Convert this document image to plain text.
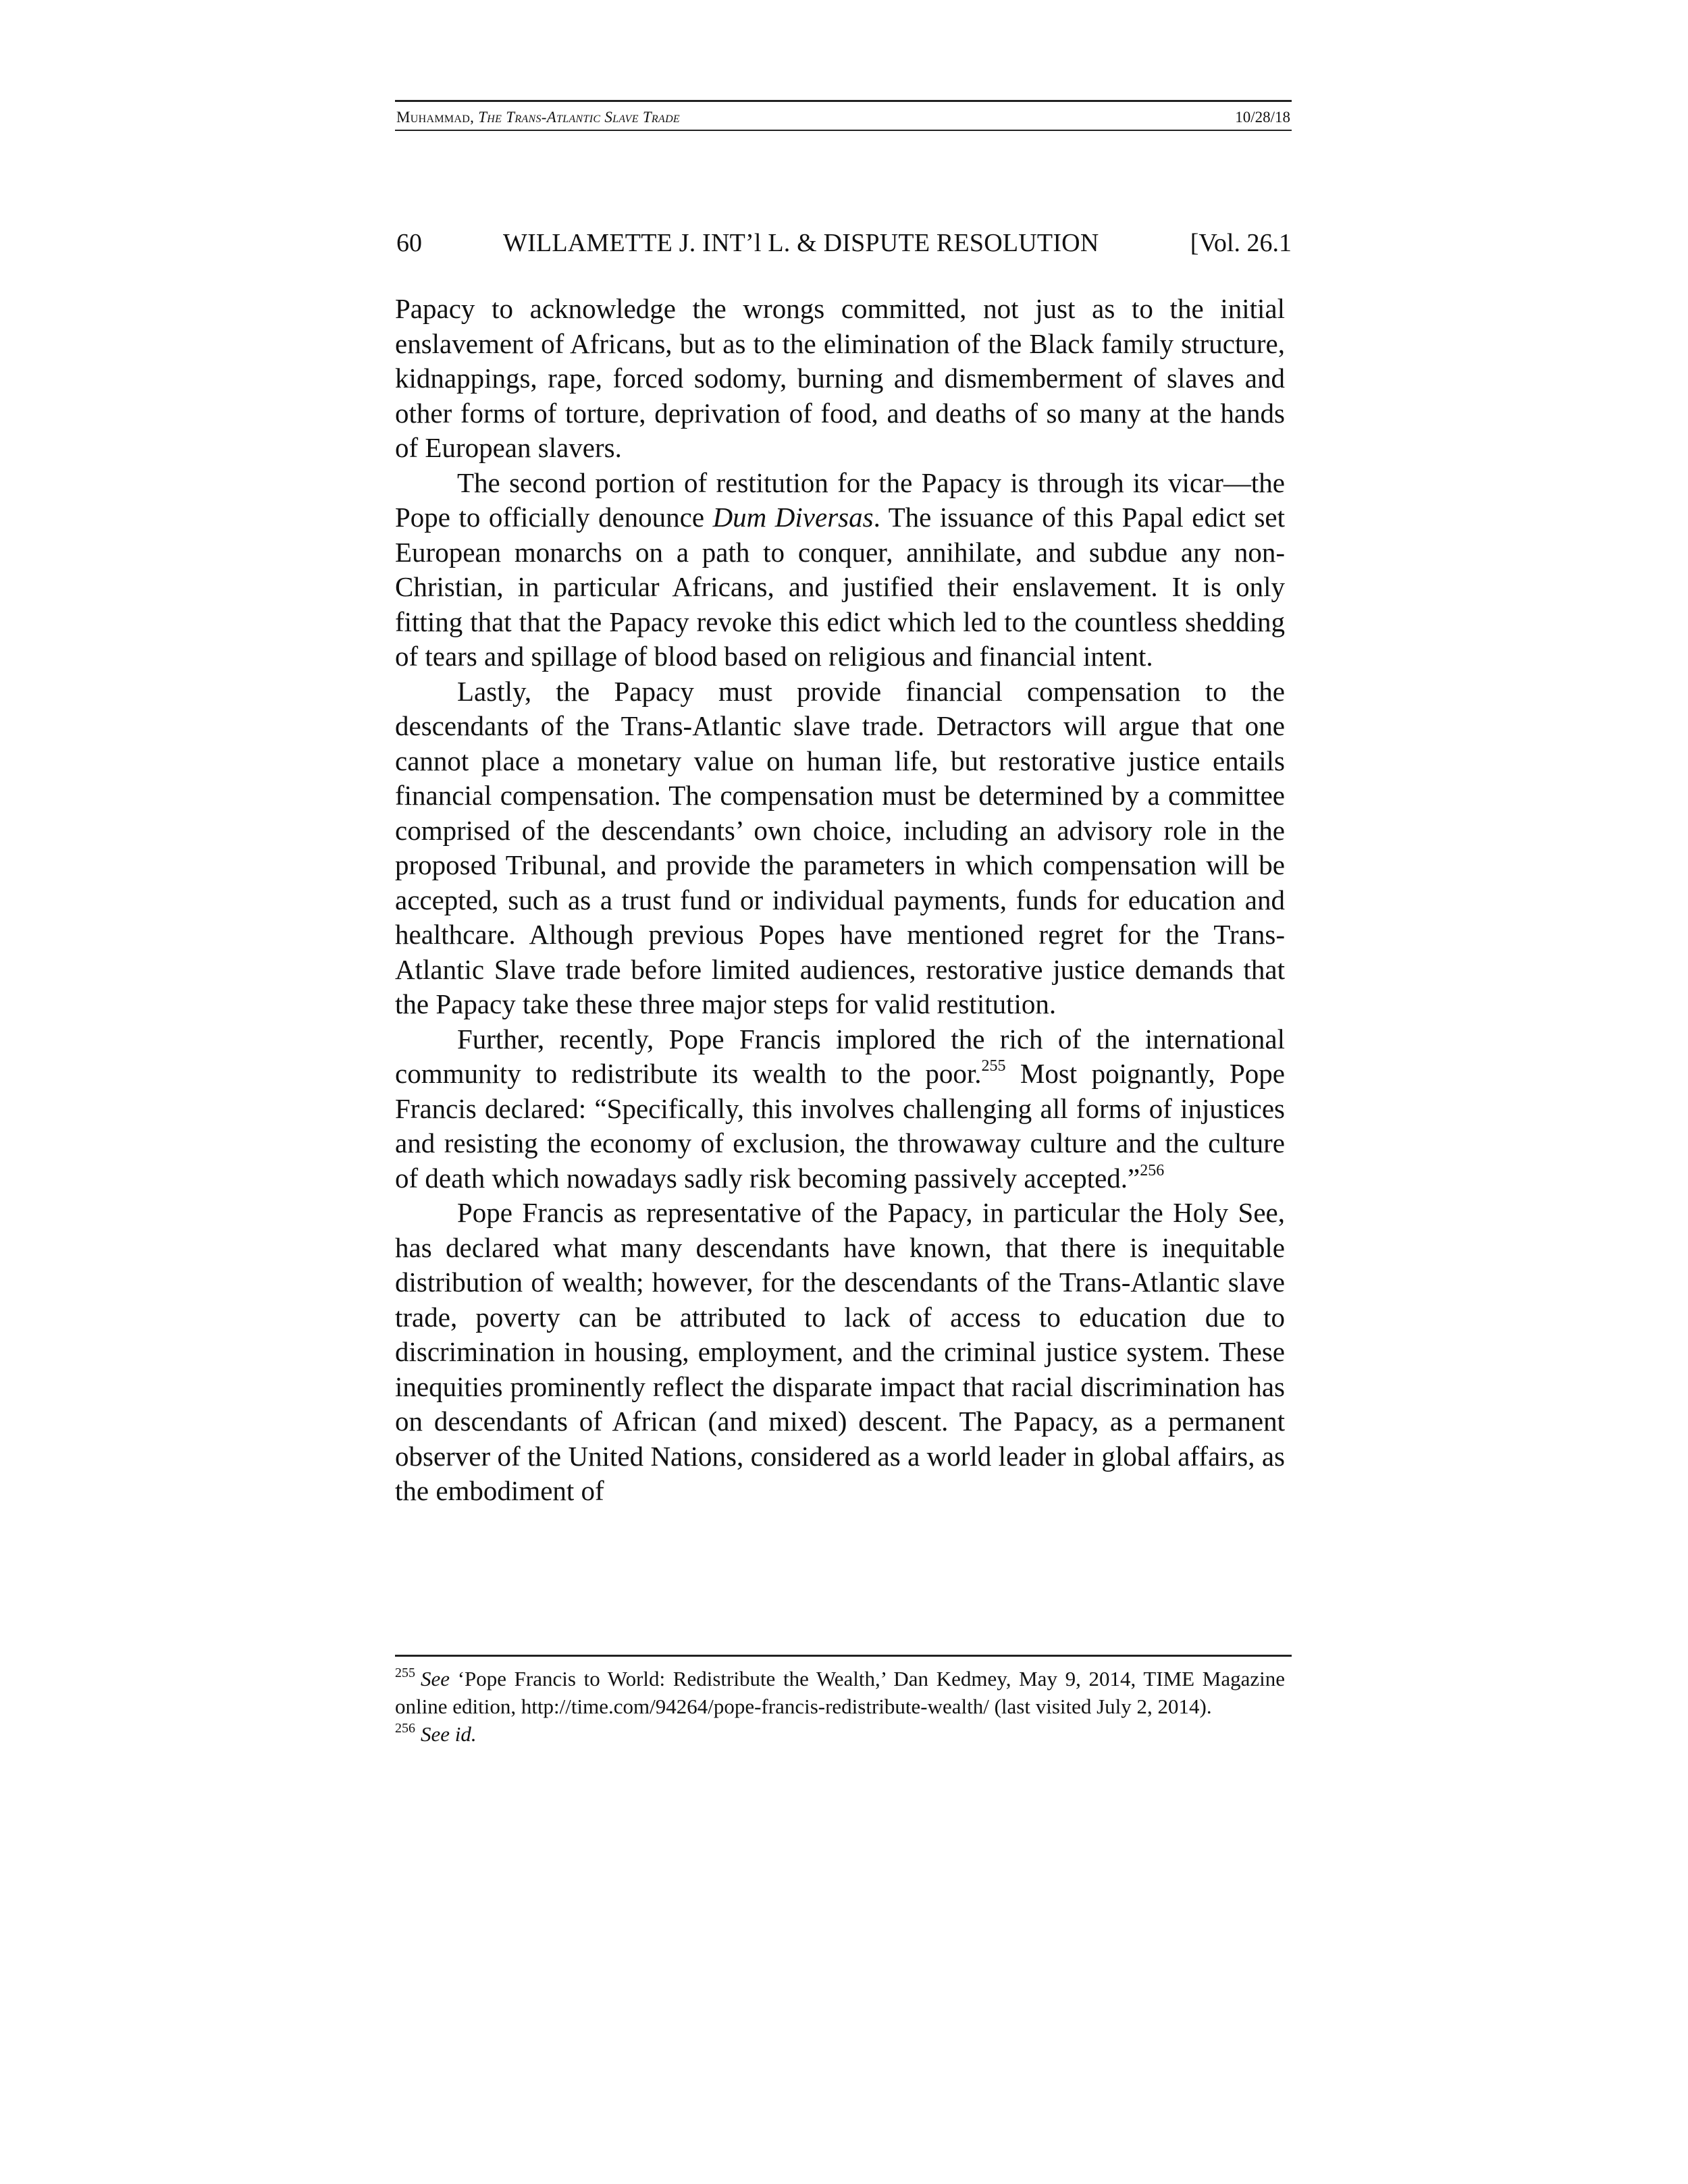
Muhammad, The Trans-Atlantic Slave Trade	10/28/18
60	WILLAMETTE J. INT’l L. & DISPUTE RESOLUTION	[Vol. 26.1

Papacy to acknowledge the wrongs committed, not just as to the initial enslavement of Africans, but as to the elimination of the Black family structure, kidnappings, rape, forced sodomy, burning and dismemberment of slaves and other forms of torture, deprivation of food, and deaths of so many at the hands of European slavers.

The second portion of restitution for the Papacy is through its vicar—the Pope to officially denounce Dum Diversas. The issuance of this Papal edict set European monarchs on a path to conquer, annihilate, and subdue any non-Christian, in particular Africans, and justified their enslavement. It is only fitting that that the Papacy revoke this edict which led to the countless shedding of tears and spillage of blood based on religious and financial intent.

Lastly, the Papacy must provide financial compensation to the descendants of the Trans-Atlantic slave trade. Detractors will argue that one cannot place a monetary value on human life, but restorative justice entails financial compensation. The compensation must be determined by a committee comprised of the descendants’ own choice, including an advisory role in the proposed Tribunal, and provide the parameters in which compensation will be accepted, such as a trust fund or individual payments, funds for education and healthcare. Although previous Popes have mentioned regret for the Trans-Atlantic Slave trade before limited audiences, restorative justice demands that the Papacy take these three major steps for valid restitution.

Further, recently, Pope Francis implored the rich of the international community to redistribute its wealth to the poor.$^{255}$ Most poignantly, Pope Francis declared: “Specifically, this involves challenging all forms of injustices and resisting the economy of exclusion, the throwaway culture and the culture of death which nowadays sadly risk becoming passively accepted.”$^{256}$

Pope Francis as representative of the Papacy, in particular the Holy See, has declared what many descendants have known, that there is inequitable distribution of wealth; however, for the descendants of the Trans-Atlantic slave trade, poverty can be attributed to lack of access to education due to discrimination in housing, employment, and the criminal justice system. These inequities prominently reflect the disparate impact that racial discrimination has on descendants of African (and mixed) descent. The Papacy, as a permanent observer of the United Nations, considered as a world leader in global affairs, as the embodiment of

$^{255}$ See ‘Pope Francis to World: Redistribute the Wealth,’ Dan Kedmey, May 9, 2014, TIME Magazine online edition, http://time.com/94264/pope-francis-redistribute-wealth/ (last visited July 2, 2014).

$^{256}$ See id.
